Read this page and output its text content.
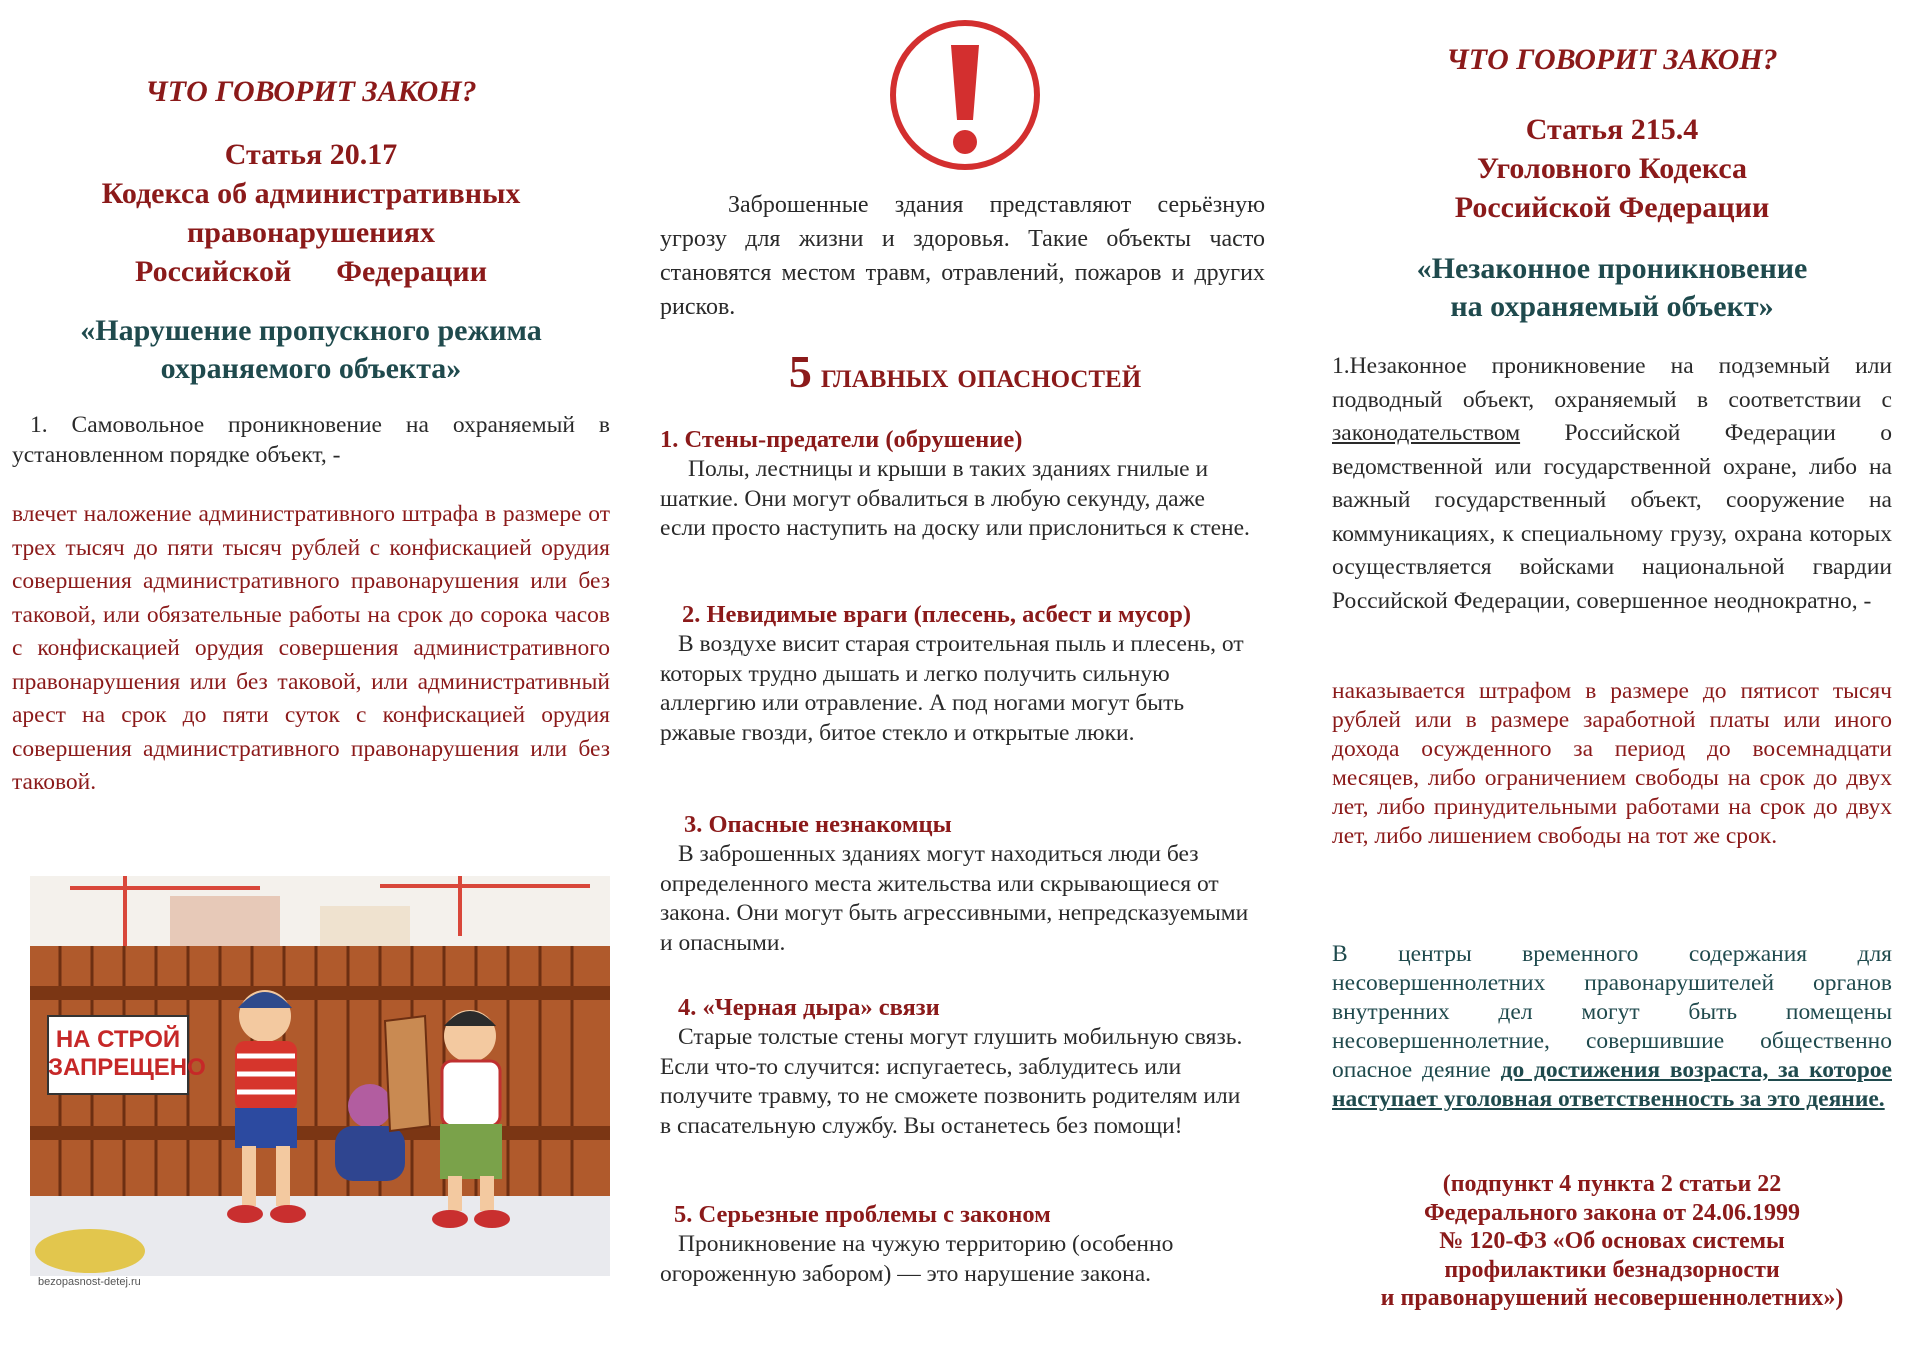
ЧТО ГОВОРИТ ЗАКОН?

Статья 20.17

Кодекса об административных

правонарушениях

Российской      Федерации

«Нарушение пропускного режима

охраняемого объекта»

1. Самовольное проникновение на охраняемый в установленном порядке объект, -

влечет наложение административного штрафа в размере от трех тысяч до пяти тысяч рублей с конфискацией орудия совершения административного правонарушения или без таковой, или обязательные работы на срок до сорока часов с конфискацией орудия совершения административного правонарушения или без таковой, или административный арест на срок до пяти суток с конфискацией орудия совершения административного правонарушения или без таковой.

НА СТРОЙ
ЗАПРЕЩЕНО
bezopasnost-detej.ru

Заброшенные здания представляют серьёзную угрозу для жизни и здоровья. Такие объекты часто становятся местом травм, отравлений, пожаров и других рисков.

5 главных опасностей

1. Стены-предатели (обрушение)

Полы, лестницы и крыши в таких зданиях гнилые и шаткие. Они могут обвалиться в любую секунду, даже если просто наступить на доску или прислониться к стене.

2. Невидимые враги (плесень, асбест и мусор)

В воздухе висит старая строительная пыль и плесень, от которых трудно дышать и легко получить сильную аллергию или отравление. А под ногами могут быть ржавые гвозди, битое стекло и открытые люки.

3. Опасные незнакомцы

В заброшенных зданиях могут находиться люди без определенного места жительства или скрывающиеся от закона. Они могут быть агрессивными, непредсказуемыми и опасными.

4. «Черная дыра» связи

Старые толстые стены могут глушить мобильную связь. Если что-то случится: испугаетесь, заблудитесь или получите травму, то не сможете позвонить родителям или в спасательную службу. Вы останетесь без помощи!

5. Серьезные проблемы с законом

Проникновение на чужую территорию (особенно огороженную забором) — это нарушение закона.

ЧТО ГОВОРИТ ЗАКОН?

Статья 215.4

Уголовного Кодекса

Российской Федерации

«Незаконное проникновение

на охраняемый объект»

1.Незаконное проникновение на подземный или подводный объект, охраняемый в соответствии с законодательством Российской Федерации о ведомственной или государственной охране, либо на важный государственный объект, сооружение на коммуникациях, к специальному грузу, охрана которых осуществляется войсками национальной гвардии Российской Федерации, совершенное неоднократно, -

наказывается штрафом в размере до пятисот тысяч рублей или в размере заработной платы или иного дохода осужденного за период до восемнадцати месяцев, либо ограничением свободы на срок до двух лет, либо принудительными работами на срок до двух лет, либо лишением свободы на тот же срок.

В центры временного содержания для несовершеннолетних правонарушителей органов внутренних дел могут быть помещены несовершеннолетние, совершившие общественно опасное деяние до достижения возраста, за которое наступает уголовная ответственность за это деяние.

(подпункт 4 пункта 2 статьи 22
Федерального закона от 24.06.1999
№ 120-ФЗ «Об основах системы
профилактики безнадзорности
и правонарушений несовершеннолетних»)
